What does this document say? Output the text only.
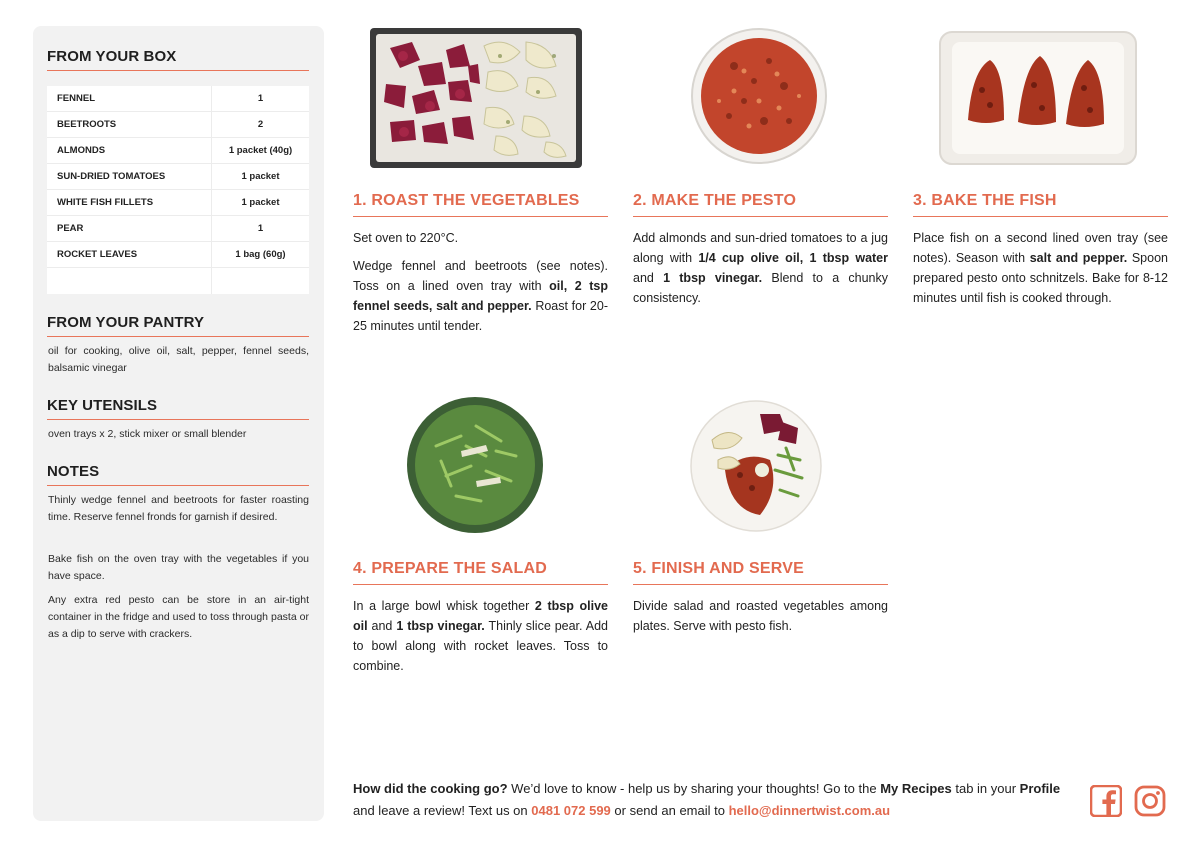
FROM YOUR BOX
FENNEL	1
BEETROOTS	2
ALMONDS	1 packet (40g)
SUN-DRIED TOMATOES	1 packet
WHITE FISH FILLETS	1 packet
PEAR	1
ROCKET LEAVES	1 bag (60g)
FROM YOUR PANTRY
oil for cooking, olive oil, salt, pepper, fennel seeds, balsamic vinegar
KEY UTENSILS
oven trays x 2, stick mixer or small blender
NOTES
Thinly wedge fennel and beetroots for faster roasting time. Reserve fennel fronds for garnish if desired.
Bake fish on the oven tray with the vegetables if you have space.
Any extra red pesto can be store in an air-tight container in the fridge and used to toss through pasta or as a dip to serve with crackers.
1. ROAST THE VEGETABLES

Set oven to 220°C.

Wedge fennel and beetroots (see notes). Toss on a lined oven tray with oil, 2 tsp fennel seeds, salt and pepper. Roast for 20-25 minutes until tender.

2. MAKE THE PESTO

Add almonds and sun-dried tomatoes to a jug along with 1/4 cup olive oil, 1 tbsp water and 1 tbsp vinegar. Blend to a chunky consistency.

3. BAKE THE FISH

Place fish on a second lined oven tray (see notes). Season with salt and pepper. Spoon prepared pesto onto schnitzels. Bake for 8-12 minutes until fish is cooked through.

4. PREPARE THE SALAD

In a large bowl whisk together 2 tbsp olive oil and 1 tbsp vinegar. Thinly slice pear. Add to bowl along with rocket leaves. Toss to combine.

5. FINISH AND SERVE

Divide salad and roasted vegetables among plates. Serve with pesto fish.

How did the cooking go? We’d love to know - help us by sharing your thoughts! Go to the My Recipes tab in your Profile and leave a review! Text us on 0481 072 599 or send an email to hello@dinnertwist.com.au
